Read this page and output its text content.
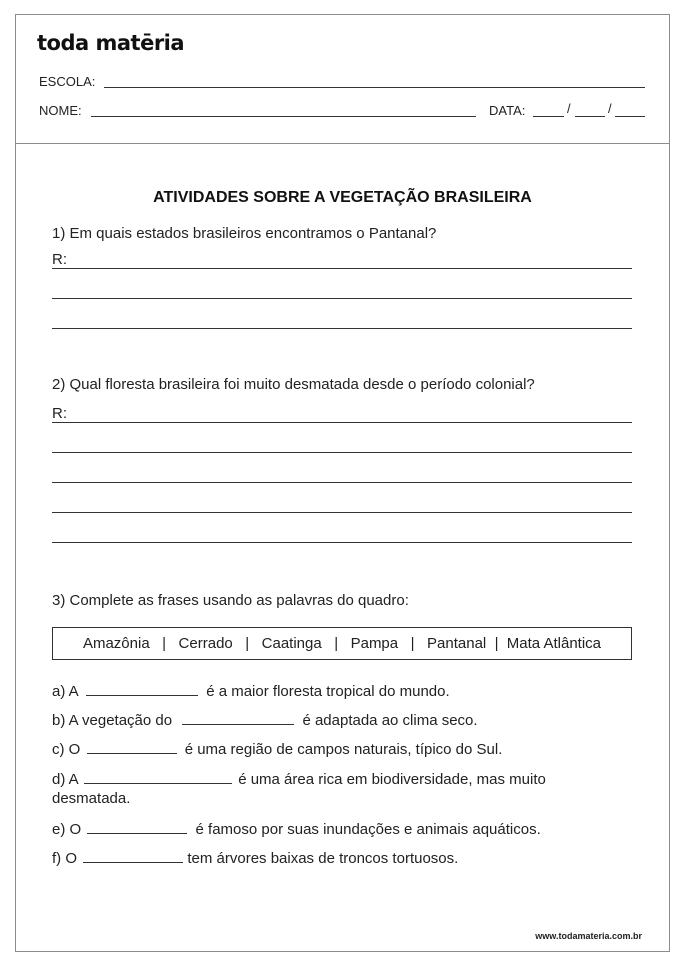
toda matēria
ESCOLA:
NOME:	DATA:	/	/
ATIVIDADES SOBRE A VEGETAÇÃO BRASILEIRA
1) Em quais estados brasileiros encontramos o Pantanal?
R:
2) Qual floresta brasileira foi muito desmatada desde o período colonial?
R:
3) Complete as frases usando as palavras do quadro:
Amazônia   |   Cerrado   |   Caatinga   |   Pampa   |   Pantanal  |  Mata Atlântica
a) A	é a maior floresta tropical do mundo.
b) A vegetação do	é adaptada ao clima seco.
c) O	é uma região de campos naturais, típico do Sul.
d) A	é uma área rica em biodiversidade, mas muito
desmatada.
e) O	é famoso por suas inundações e animais aquáticos.
f) O	tem árvores baixas de troncos tortuosos.
www.todamateria.com.br
